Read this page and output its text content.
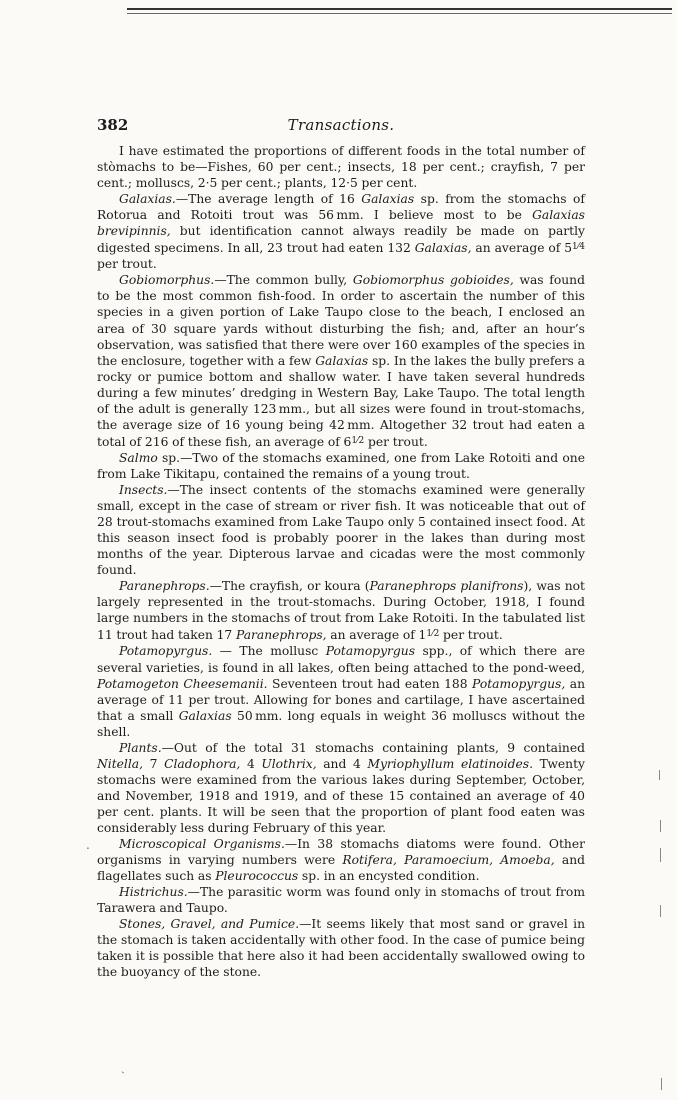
382	Transactions.

I have estimated the proportions of different foods in the total number of stòmachs to be—Fishes, 60 per cent.; insects, 18 per cent.; crayfish, 7 per cent.; molluscs, 2·5 per cent.; plants, 12·5 per cent.

Galaxias.—The average length of 16 Galaxias sp. from the stomachs of Rotorua and Rotoiti trout was 56 mm. I believe most to be Galaxias brevipinnis, but identification cannot always readily be made on partly digested specimens. In all, 23 trout had eaten 132 Galaxias, an average of $5^{1⁄4}$ per trout.

Gobiomorphus.—The common bully, Gobiomorphus gobioides, was found to be the most common fish-food. In order to ascertain the number of this species in a given portion of Lake Taupo close to the beach, I enclosed an area of 30 square yards without disturbing the fish; and, after an hour’s observation, was satisfied that there were over 160 examples of the species in the enclosure, together with a few Galaxias sp. In the lakes the bully prefers a rocky or pumice bottom and shallow water. I have taken several hundreds during a few minutes’ dredging in Western Bay, Lake Taupo. The total length of the adult is generally 123 mm., but all sizes were found in trout-stomachs, the average size of 16 young being 42 mm. Altogether 32 trout had eaten a total of 216 of these fish, an average of $6^{1⁄2}$ per trout.

Salmo sp.—Two of the stomachs examined, one from Lake Rotoiti and one from Lake Tikitapu, contained the remains of a young trout.

Insects.—The insect contents of the stomachs examined were generally small, except in the case of stream or river fish. It was noticeable that out of 28 trout-stomachs examined from Lake Taupo only 5 contained insect food. At this season insect food is probably poorer in the lakes than during most months of the year. Dipterous larvae and cicadas were the most commonly found.

Paranephrops.—The crayfish, or koura (Paranephrops planifrons), was not largely represented in the trout-stomachs. During October, 1918, I found large numbers in the stomachs of trout from Lake Rotoiti. In the tabulated list 11 trout had taken 17 Paranephrops, an average of $1^{1⁄2}$ per trout.

Potamopyrgus. — The mollusc Potamopyrgus spp., of which there are several varieties, is found in all lakes, often being attached to the pond-weed, Potamogeton Cheesemanii. Seventeen trout had eaten 188 Potamopyrgus, an average of 11 per trout. Allowing for bones and cartilage, I have ascertained that a small Galaxias 50 mm. long equals in weight 36 molluscs without the shell.

Plants.—Out of the total 31 stomachs containing plants, 9 contained Nitella, 7 Cladophora, 4 Ulothrix, and 4 Myriophyllum elatinoides. Twenty stomachs were examined from the various lakes during September, October, and November, 1918 and 1919, and of these 15 contained an average of 40 per cent. plants. It will be seen that the proportion of plant food eaten was considerably less during February of this year.

Microscopical Organisms.—In 38 stomachs diatoms were found. Other organisms in varying numbers were Rotifera, Paramoecium, Amoeba, and flagellates such as Pleurococcus sp. in an encysted condition.

Histrichus.—The parasitic worm was found only in stomachs of trout from Tarawera and Taupo.

Stones, Gravel, and Pumice.—It seems likely that most sand or gravel in the stomach is taken accidentally with other food. In the case of pumice being taken it is possible that here also it had been accidentally swallowed owing to the buoyancy of the stone.

.
ˏ
